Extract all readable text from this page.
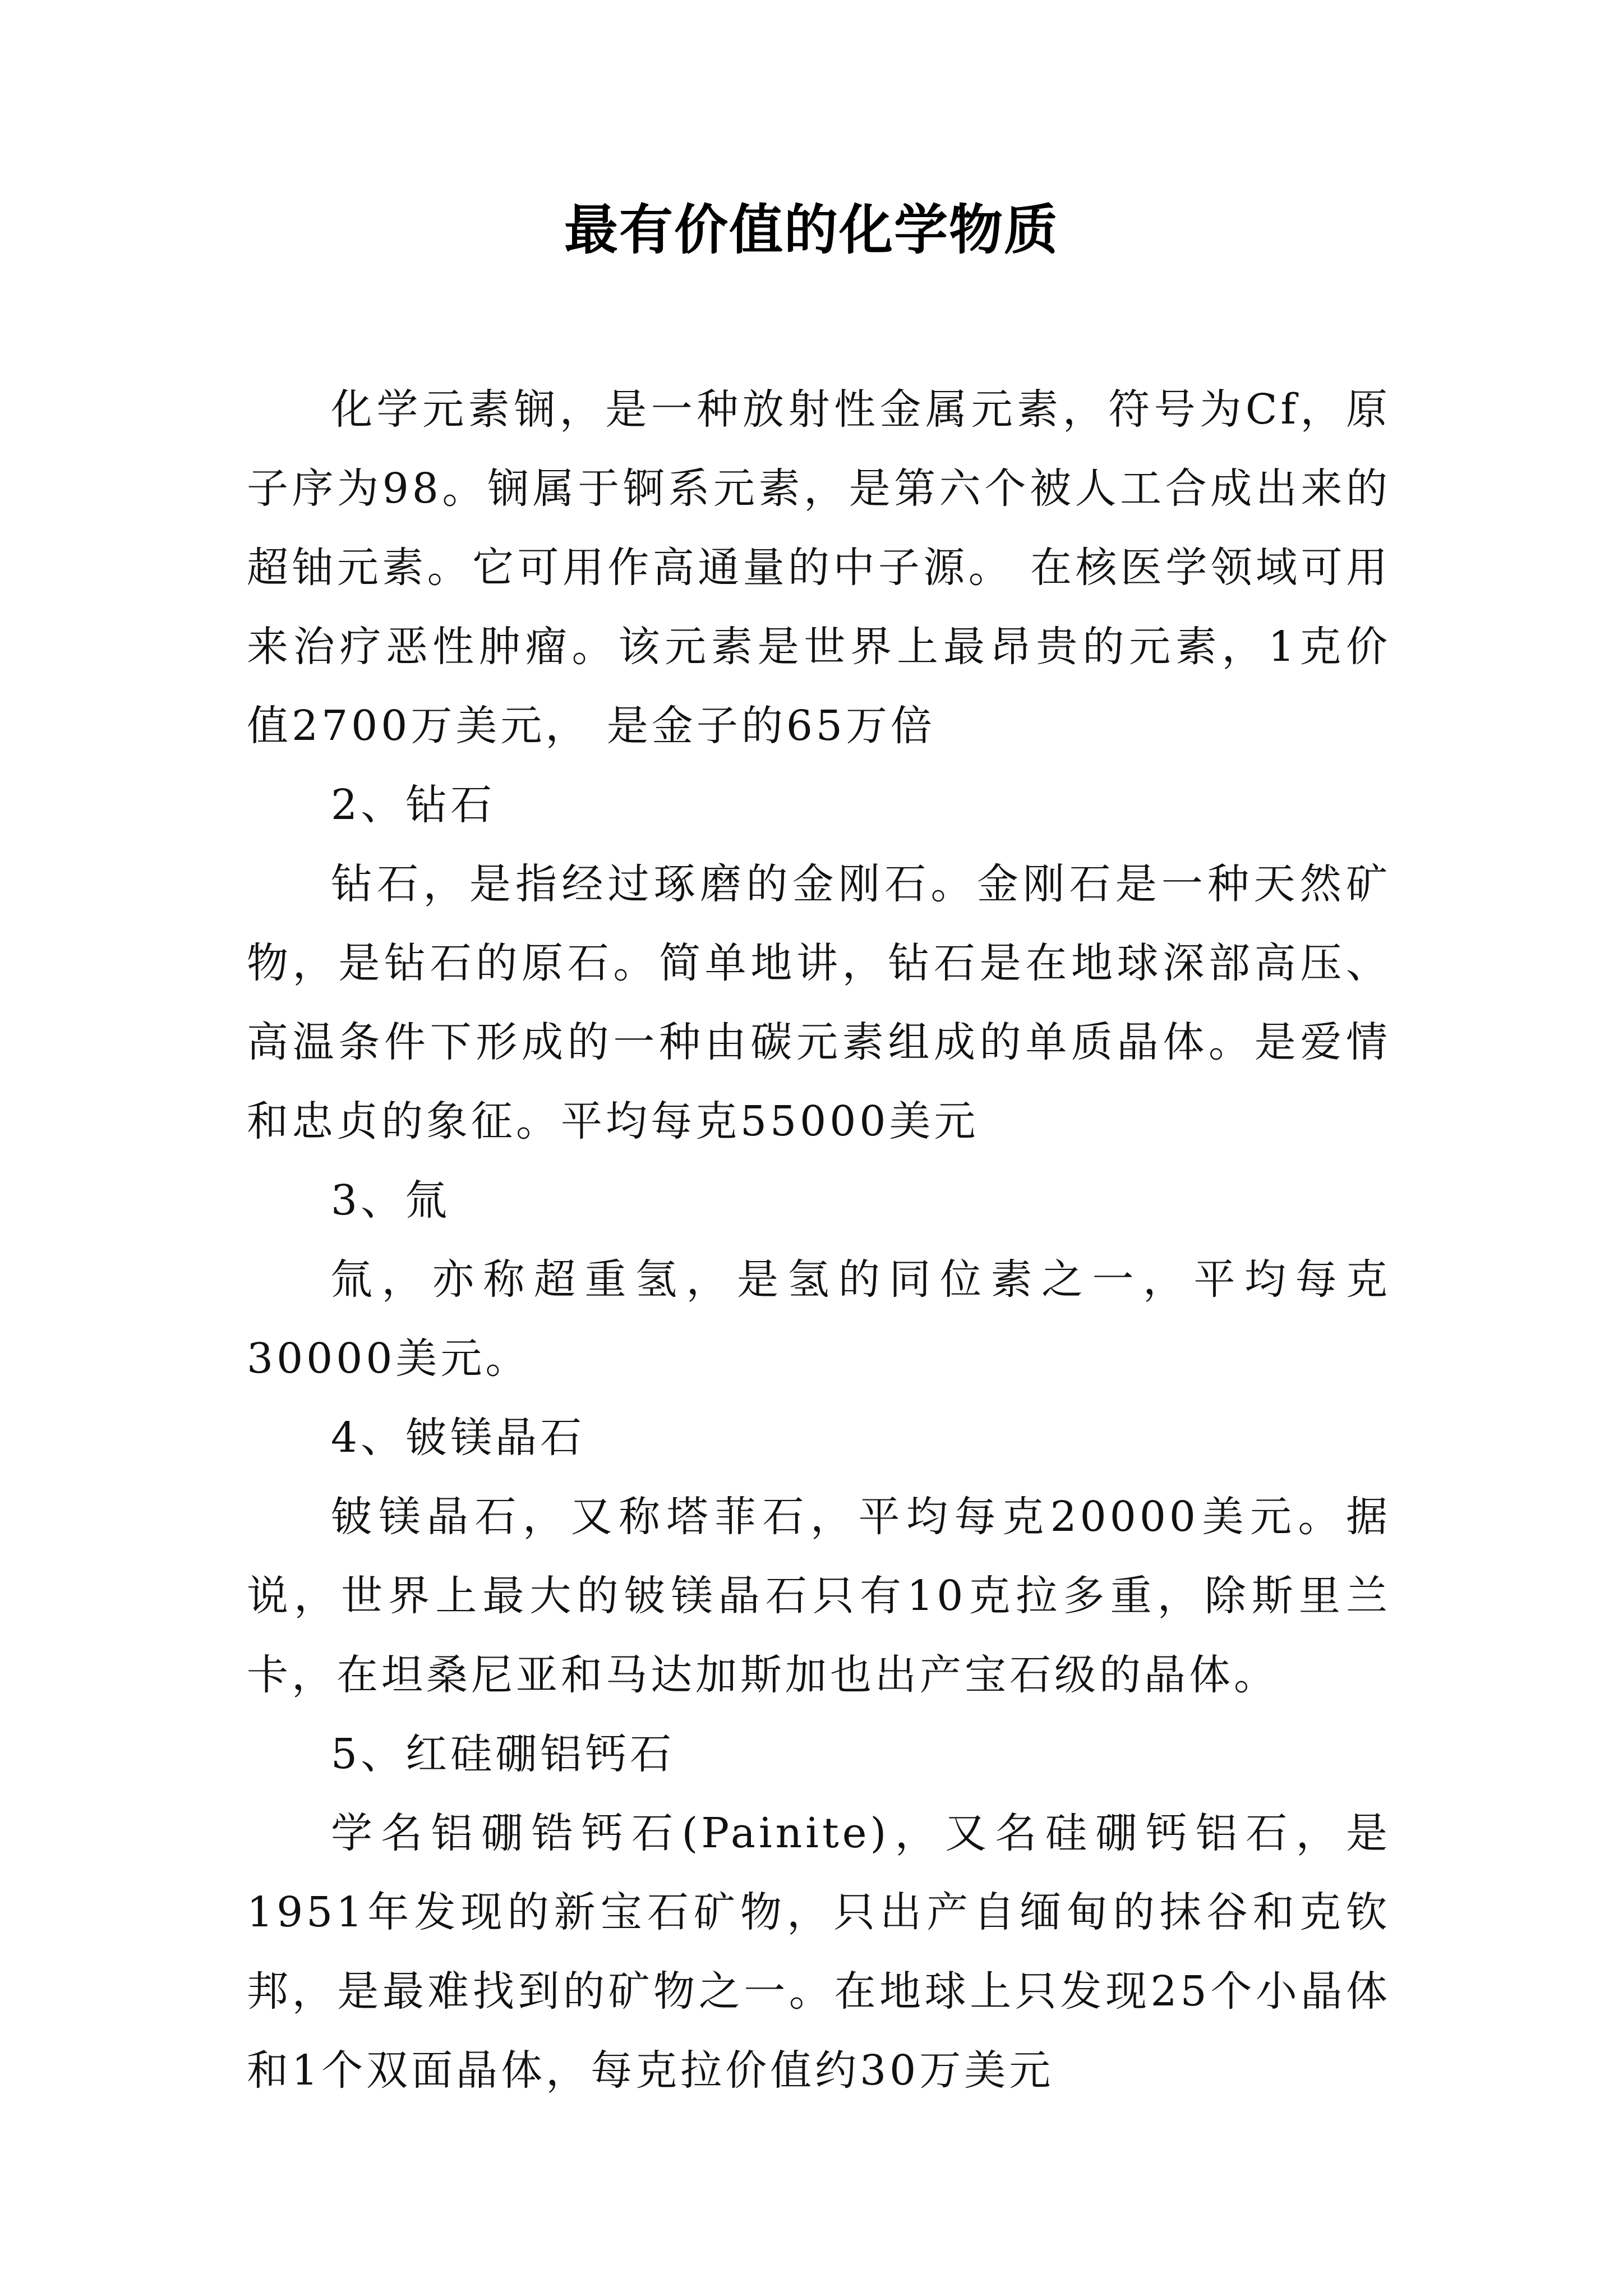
最有价值的化学物质

化学元素锎，是一种放射性金属元素，符号为Cf，原子序为98。锎属于锕系元素，是第六个被人工合成出来的超铀元素。它可用作高通量的中子源。 在核医学领域可用来治疗恶性肿瘤。该元素是世界上最昂贵的元素，1克价值2700万美元， 是金子的65万倍

2、钻石

钻石，是指经过琢磨的金刚石。金刚石是一种天然矿物，是钻石的原石。简单地讲，钻石是在地球深部高压、高温条件下形成的一种由碳元素组成的单质晶体。是爱情和忠贞的象征。平均每克55000美元

3、氚

氚，亦称超重氢，是氢的同位素之一，平均每克30000美元。

4、铍镁晶石

铍镁晶石，又称塔菲石，平均每克20000美元。据说，世界上最大的铍镁晶石只有10克拉多重，除斯里兰卡，在坦桑尼亚和马达加斯加也出产宝石级的晶体。

5、红硅硼铝钙石

学名铝硼锆钙石(Painite)，又名硅硼钙铝石，是1951年发现的新宝石矿物，只出产自缅甸的抹谷和克钦邦，是最难找到的矿物之一。在地球上只发现25个小晶体和1个双面晶体，每克拉价值约30万美元
